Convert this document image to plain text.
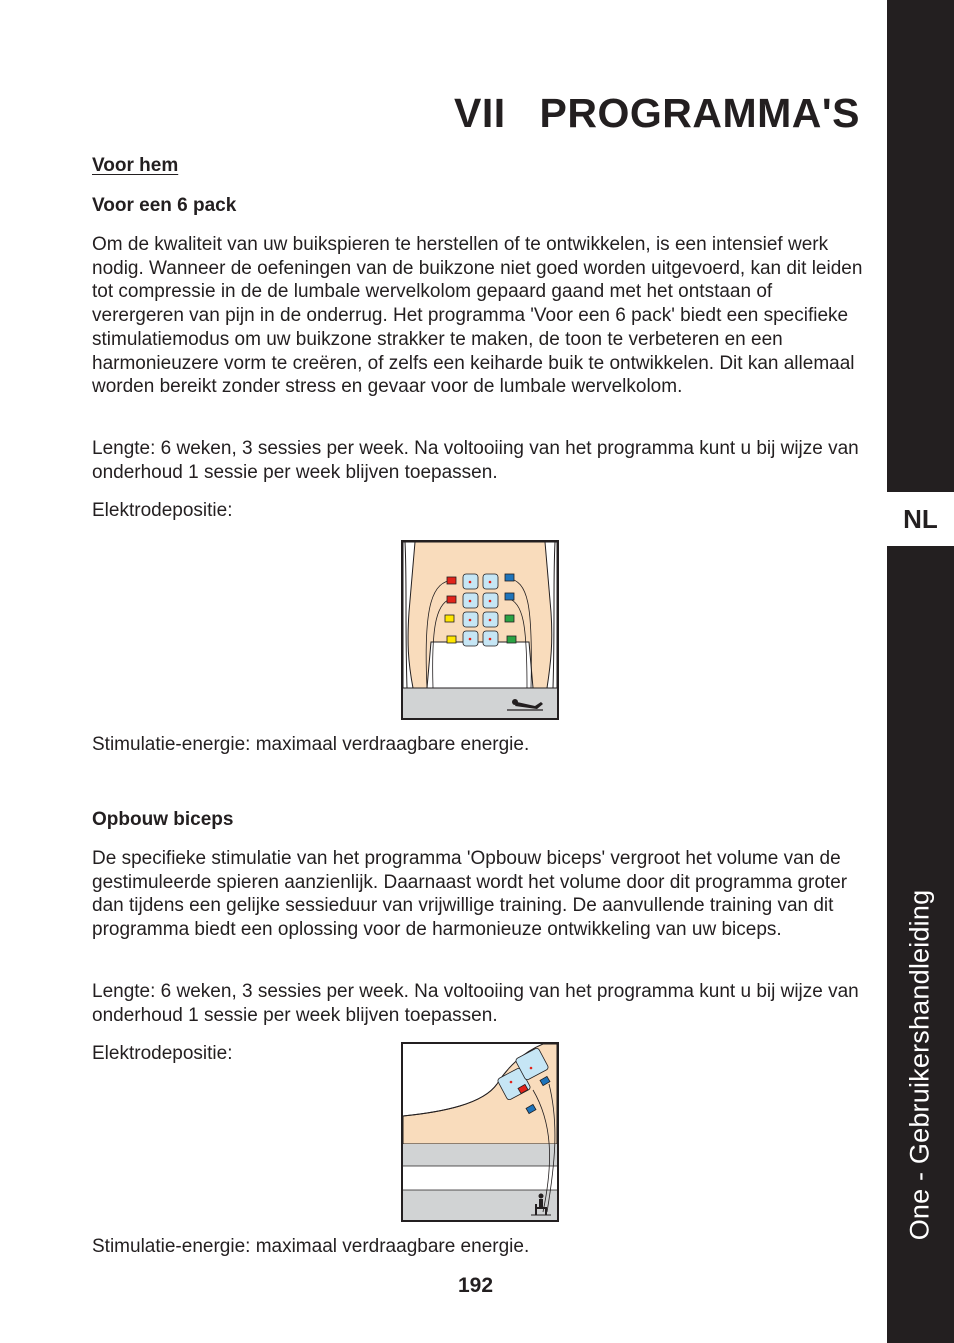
NL
One - Gebruikershandleiding
VII PROGRAMMA'S
Voor hem
Voor een 6 pack

Om de kwaliteit van uw buikspieren te herstellen of te ontwikkelen, is een intensief werk nodig. Wanneer de oefeningen van de buikzone niet goed worden uitgevoerd, kan dit leiden tot compressie in de de lumbale wervelkolom gepaard gaand met het ontstaan of verergeren van pijn in de onderrug. Het programma 'Voor een 6 pack' biedt een specifieke stimulatiemodus om uw buikzone strakker te maken, de toon te verbeteren en een harmonieuzere vorm te creëren, of zelfs een keiharde buik te ontwikkelen. Dit kan allemaal worden bereikt zonder stress en gevaar voor de lumbale wervelkolom.

Lengte: 6 weken, 3 sessies per week. Na voltooiing van het programma kunt u bij wijze van onderhoud 1 sessie per week blijven toepassen.

Elektrodepositie:

Stimulatie-energie: maximaal verdraagbare energie.

Opbouw biceps

De specifieke stimulatie van het programma 'Opbouw biceps' vergroot het volume van de gestimuleerde spieren aanzienlijk. Daarnaast wordt het volume door dit programma groter dan tijdens een gelijke sessieduur van vrijwillige training. De aanvullende training van dit programma biedt een oplossing voor de harmonieuze ontwikkeling van uw biceps.

Lengte: 6 weken, 3 sessies per week. Na voltooiing van het programma kunt u bij wijze van onderhoud 1 sessie per week blijven toepassen.

Elektrodepositie:

Stimulatie-energie: maximaal verdraagbare energie.

192
